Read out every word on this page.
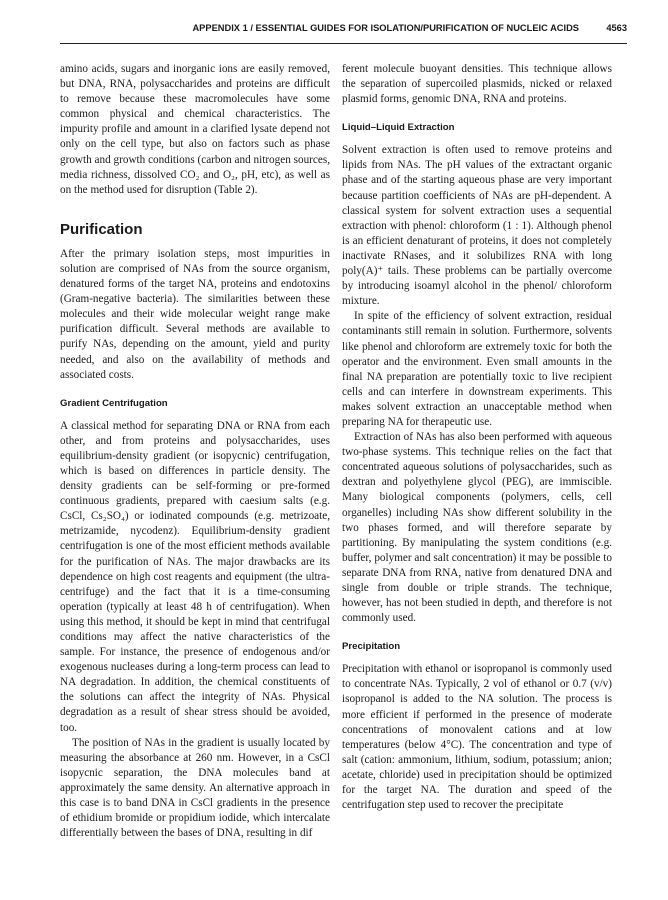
APPENDIX 1 / ESSENTIAL GUIDES FOR ISOLATION/PURIFICATION OF NUCLEIC ACIDS	4563

amino acids, sugars and inorganic ions are easily removed, but DNA, RNA, polysaccharides and proteins are difficult to remove because these macromolecules have some common physical and chemical characteristics. The impurity profile and amount in a clarified lysate depend not only on the cell type, but also on factors such as phase growth and growth conditions (carbon and nitrogen sources, media richness, dissolved CO₂ and O₂, pH, etc), as well as on the method used for disruption (Table 2).

Purification

After the primary isolation steps, most impurities in solution are comprised of NAs from the source organism, denatured forms of the target NA, proteins and endotoxins (Gram-negative bacteria). The similarities between these molecules and their wide molecular weight range make purification difficult. Several methods are available to purify NAs, depending on the amount, yield and purity needed, and also on the availability of methods and associated costs.

Gradient Centrifugation

A classical method for separating DNA or RNA from each other, and from proteins and polysaccharides, uses equilibrium-density gradient (or isopycnic) centrifugation, which is based on differences in particle density. The density gradients can be self-forming or pre-formed continuous gradients, prepared with caesium salts (e.g. CsCl, Cs₂SO₄) or iodinated compounds (e.g. metrizoate, metrizamide, nycodenz). Equilibrium-density gradient centrifugation is one of the most efficient methods available for the purification of NAs. The major drawbacks are its dependence on high cost reagents and equipment (the ultracentrifuge) and the fact that it is a time-consuming operation (typically at least 48 h of centrifugation). When using this method, it should be kept in mind that centrifugal conditions may affect the native characteristics of the sample. For instance, the presence of endogenous and/or exogenous nucleases during a long-term process can lead to NA degradation. In addition, the chemical constituents of the solutions can affect the integrity of NAs. Physical degradation as a result of shear stress should be avoided, too.

The position of NAs in the gradient is usually located by measuring the absorbance at 260 nm. However, in a CsCl isopycnic separation, the DNA molecules band at approximately the same density. An alternative approach in this case is to band DNA in CsCl gradients in the presence of ethidium bromide or propidium iodide, which intercalate differentially between the bases of DNA, resulting in dif

ferent molecule buoyant densities. This technique allows the separation of supercoiled plasmids, nicked or relaxed plasmid forms, genomic DNA, RNA and proteins.

Liquid–Liquid Extraction

Solvent extraction is often used to remove proteins and lipids from NAs. The pH values of the extractant organic phase and of the starting aqueous phase are very important because partition coefficients of NAs are pH-dependent. A classical system for solvent extraction uses a sequential extraction with phenol: chloroform (1 : 1). Although phenol is an efficient denaturant of proteins, it does not completely inactivate RNases, and it solubilizes RNA with long poly(A)⁺ tails. These problems can be partially overcome by introducing isoamyl alcohol in the phenol/ chloroform mixture.

In spite of the efficiency of solvent extraction, residual contaminants still remain in solution. Furthermore, solvents like phenol and chloroform are extremely toxic for both the operator and the environment. Even small amounts in the final NA preparation are potentially toxic to live recipient cells and can interfere in downstream experiments. This makes solvent extraction an unacceptable method when preparing NA for therapeutic use.

Extraction of NAs has also been performed with aqueous two-phase systems. This technique relies on the fact that concentrated aqueous solutions of polysaccharides, such as dextran and polyethylene glycol (PEG), are immiscible. Many biological components (polymers, cells, cell organelles) including NAs show different solubility in the two phases formed, and will therefore separate by partitioning. By manipulating the system conditions (e.g. buffer, polymer and salt concentration) it may be possible to separate DNA from RNA, native from denatured DNA and single from double or triple strands. The technique, however, has not been studied in depth, and therefore is not commonly used.

Precipitation

Precipitation with ethanol or isopropanol is commonly used to concentrate NAs. Typically, 2 vol of ethanol or 0.7 (v/v) isopropanol is added to the NA solution. The process is more efficient if performed in the presence of moderate concentrations of monovalent cations and at low temperatures (below 4°C). The concentration and type of salt (cation: ammonium, lithium, sodium, potassium; anion; acetate, chloride) used in precipitation should be optimized for the target NA. The duration and speed of the centrifugation step used to recover the precipitate
